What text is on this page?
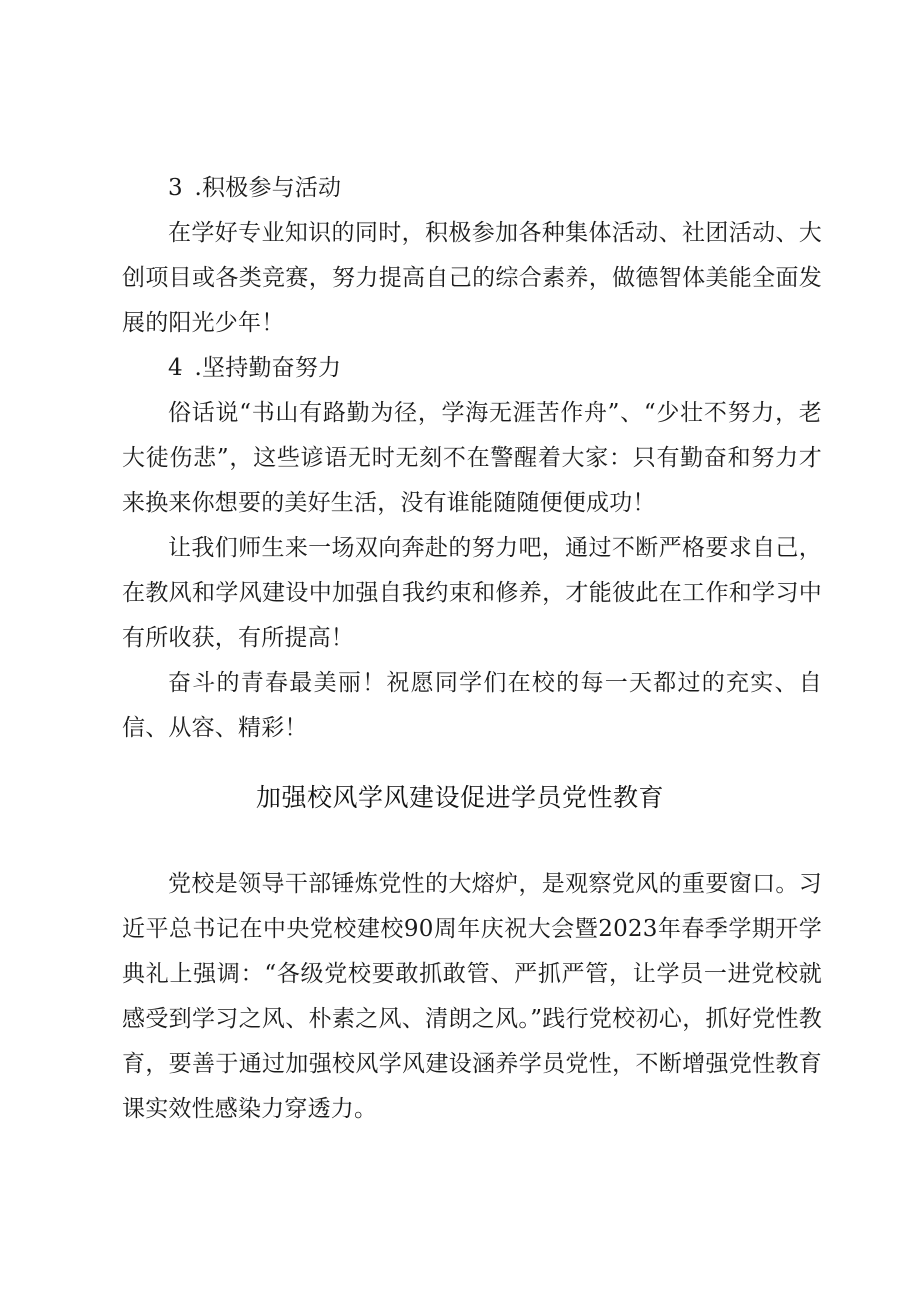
3 .积极参与活动

在学好专业知识的同时，积极参加各种集体活动、社团活动、大创项目或各类竞赛，努力提高自己的综合素养，做德智体美能全面发展的阳光少年！

4 .坚持勤奋努力

俗话说“书山有路勤为径，学海无涯苦作舟”、“少壮不努力，老大徒伤悲”，这些谚语无时无刻不在警醒着大家：只有勤奋和努力才来换来你想要的美好生活，没有谁能随随便便成功！

让我们师生来一场双向奔赴的努力吧，通过不断严格要求自己，在教风和学风建设中加强自我约束和修养，才能彼此在工作和学习中有所收获，有所提高！

奋斗的青春最美丽！祝愿同学们在校的每一天都过的充实、自信、从容、精彩！

加强校风学风建设促进学员党性教育

党校是领导干部锤炼党性的大熔炉，是观察党风的重要窗口。习近平总书记在中央党校建校90周年庆祝大会暨2023年春季学期开学典礼上强调：“各级党校要敢抓敢管、严抓严管，让学员一进党校就感受到学习之风、朴素之风、清朗之风。”践行党校初心，抓好党性教育，要善于通过加强校风学风建设涵养学员党性，不断增强党性教育课实效性感染力穿透力。
